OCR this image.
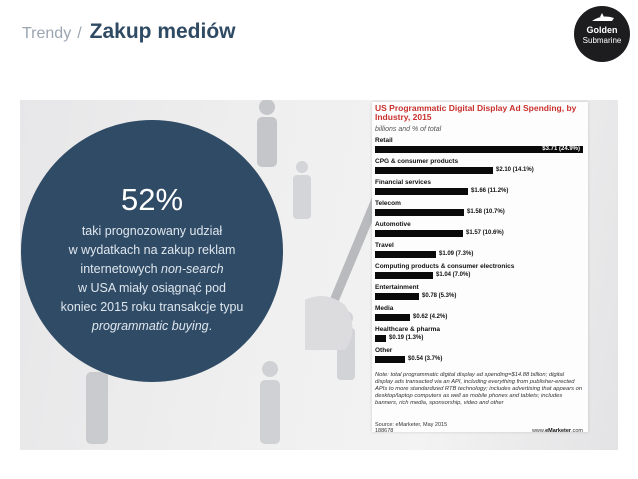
Trendy / Zakup mediów	Golden
Submarine
52%
taki prognozowany udział
w wydatkach na zakup reklam
internetowych non-search
w USA miały osiągnąć pod
koniec 2015 roku transakcje typu
programmatic buying.
US Programmatic Digital Display Ad Spending, by Industry, 2015
billions and % of total
Retail
$3.71 (24.9%)
CPG & consumer products
$2.10 (14.1%)
Financial services
$1.66 (11.2%)
Telecom
$1.58 (10.7%)
Automotive
$1.57 (10.6%)
Travel
$1.09 (7.3%)
Computing products & consumer electronics
$1.04 (7.0%)
Entertainment
$0.78 (5.3%)
Media
$0.62 (4.2%)
Healthcare & pharma
$0.19 (1.3%)
Other
$0.54 (3.7%)
Note: total programmatic digital display ad spending=$14.88 billion; digital display ads transacted via an API, including everything from publisher-erected APIs to more standardized RTB technology; includes advertising that appears on desktop/laptop computers as well as mobile phones and tablets; includes banners, rich media, sponsorship, video and other
Source: eMarketer, May 2015
188678	www.eMarketer.com
